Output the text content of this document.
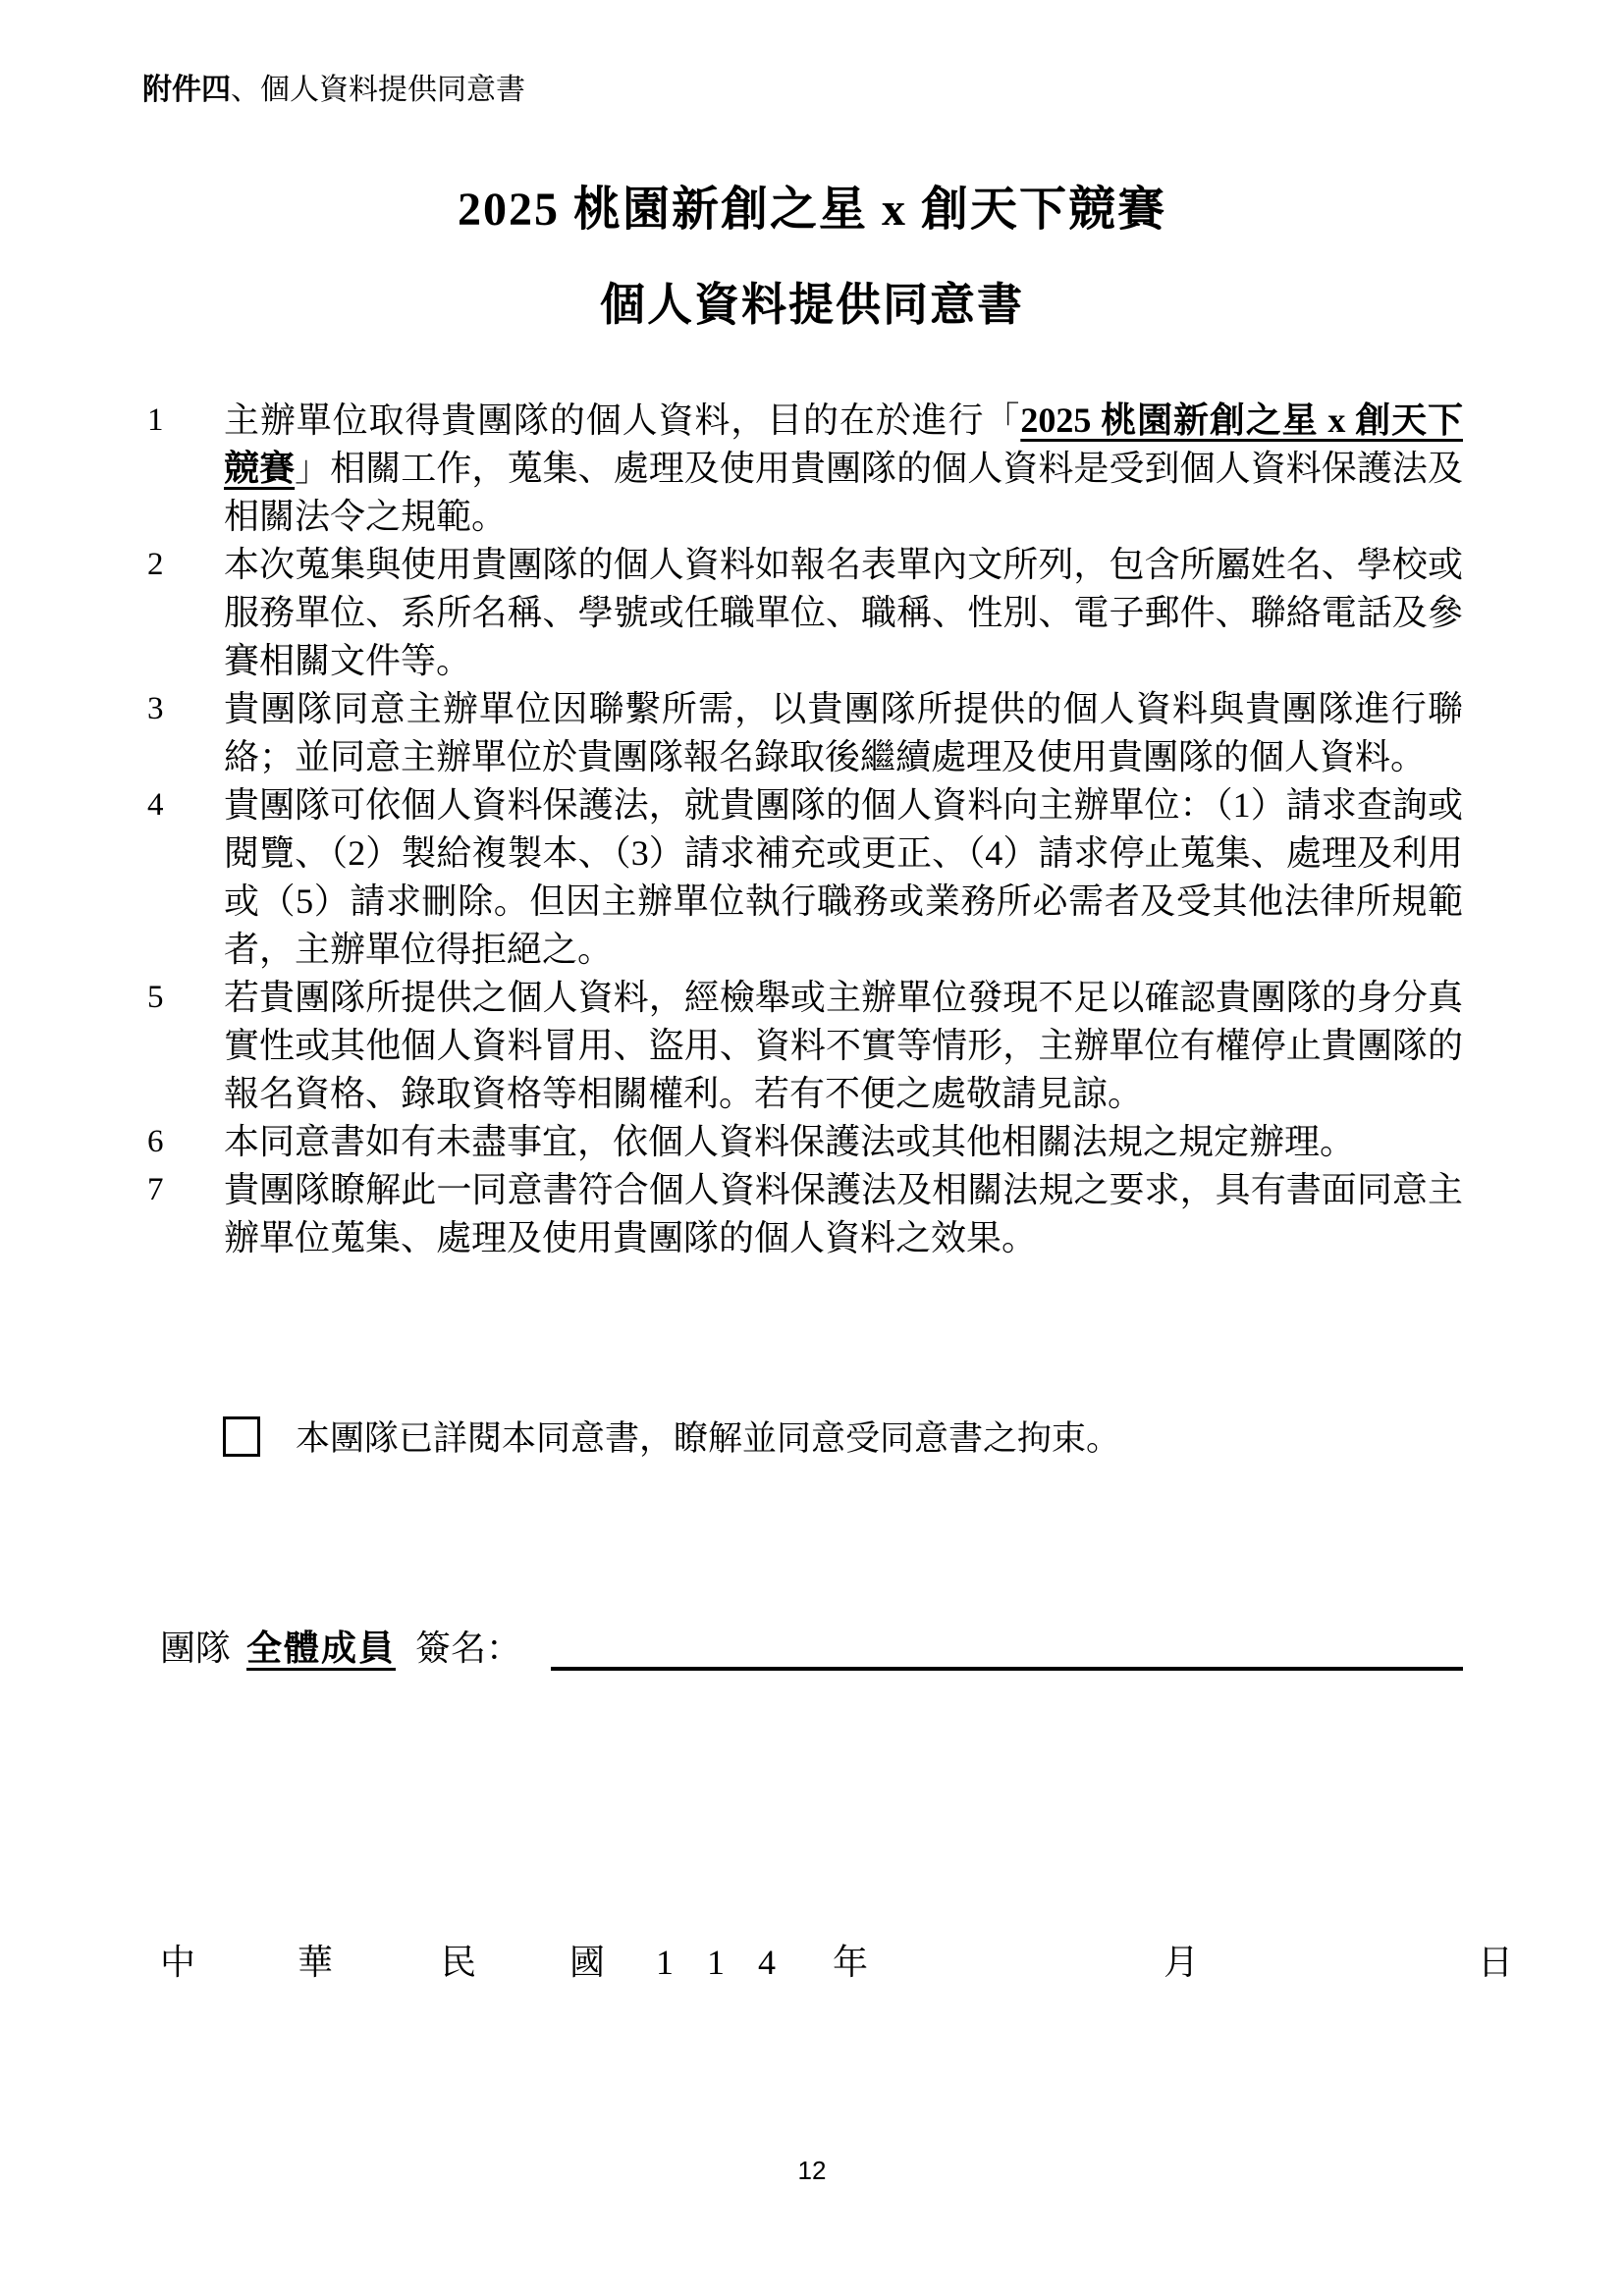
附件四、個人資料提供同意書
2025 桃園新創之星 x 創天下競賽
個人資料提供同意書
1	主辦單位取得貴團隊的個人資料，目的在於進行「2025 桃園新創之星 x 創天下競賽」相關工作，蒐集、處理及使用貴團隊的個人資料是受到個人資料保護法及相關法令之規範。
2	本次蒐集與使用貴團隊的個人資料如報名表單內文所列，包含所屬姓名、學校或服務單位、系所名稱、學號或任職單位、職稱、性別、電子郵件、聯絡電話及參賽相關文件等。
3	貴團隊同意主辦單位因聯繫所需，以貴團隊所提供的個人資料與貴團隊進行聯絡；並同意主辦單位於貴團隊報名錄取後繼續處理及使用貴團隊的個人資料。
4	貴團隊可依個人資料保護法，就貴團隊的個人資料向主辦單位：（1）請求查詢或閱覽、（2）製給複製本、（3）請求補充或更正、（4）請求停止蒐集、處理及利用或（5）請求刪除。但因主辦單位執行職務或業務所必需者及受其他法律所規範者，主辦單位得拒絕之。
5	若貴團隊所提供之個人資料，經檢舉或主辦單位發現不足以確認貴團隊的身分真實性或其他個人資料冒用、盜用、資料不實等情形，主辦單位有權停止貴團隊的報名資格、錄取資格等相關權利。若有不便之處敬請見諒。
6	本同意書如有未盡事宜，依個人資料保護法或其他相關法規之規定辦理。
7	貴團隊瞭解此一同意書符合個人資料保護法及相關法規之要求，具有書面同意主辦單位蒐集、處理及使用貴團隊的個人資料之效果。
本團隊已詳閱本同意書，瞭解並同意受同意書之拘束。
團隊 全體成員 簽名：
中	華	民	國 1 1 4 年	月	日
12
